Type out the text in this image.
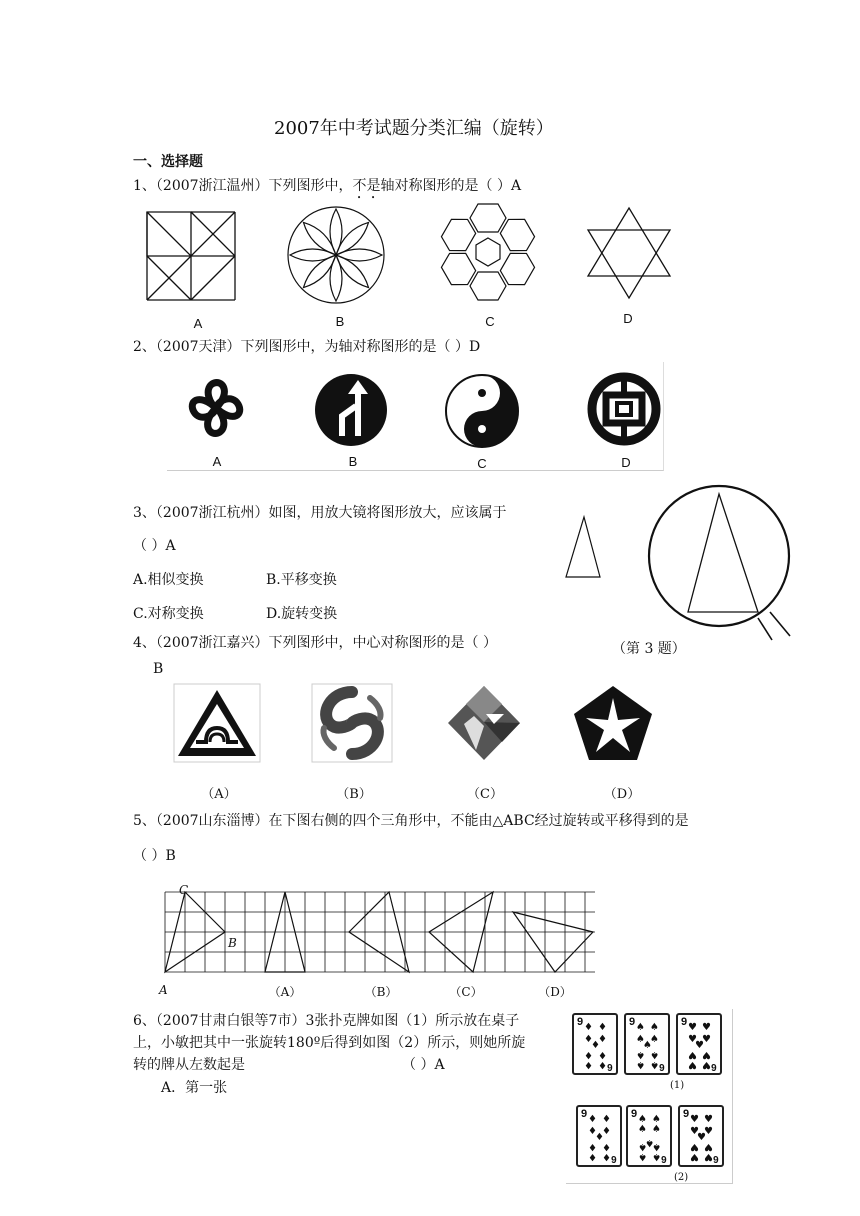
2007年中考试题分类汇编（旋转）
一、选择题
1、（2007浙江温州）下列图形中，不是轴对称图形的是（ ）A
A	B	C	D
2、（2007天津）下列图形中，为轴对称图形的是（ ）D
A	B	C	D
3、（2007浙江杭州）如图，用放大镜将图形放大，应该属于
（ ）A
A.相似变换	B.平移变换
C.对称变换	D.旋转变换
（第 3 题）
4、（2007浙江嘉兴）下列图形中，中心对称图形的是（ ）
B
（A）	（B）	（C）	（D）
5、（2007山东淄博）在下图右侧的四个三角形中，不能由△ABC经过旋转或平移得到的是
（ ）B
C
B
A	（A）	（B）	（C）	（D）
6、（2007甘肃白银等7市）3张扑克牌如图（1）所示放在桌子
上，小敏把其中一张旋转180º后得到如图（2）所示，则她所旋
转的牌从左数起是	（ ）A
A．第一张
9
6
♦ ♦
♦ ♦
♦
♦ ♦
♦ ♦
9
6
♠ ♠
♠ ♠
♠
♠ ♠
♠ ♠
9
6
♥ ♥
♥ ♥
♥
♥ ♥
♥ ♥
(1)
9
6
♦ ♦
♦ ♦
♦
♦ ♦
♦ ♦
9
6
♠ ♠
♠ ♠
♠
♠ ♠
♠ ♠
9
6
♥ ♥
♥ ♥
♥
♥ ♥
♥ ♥
(2)
